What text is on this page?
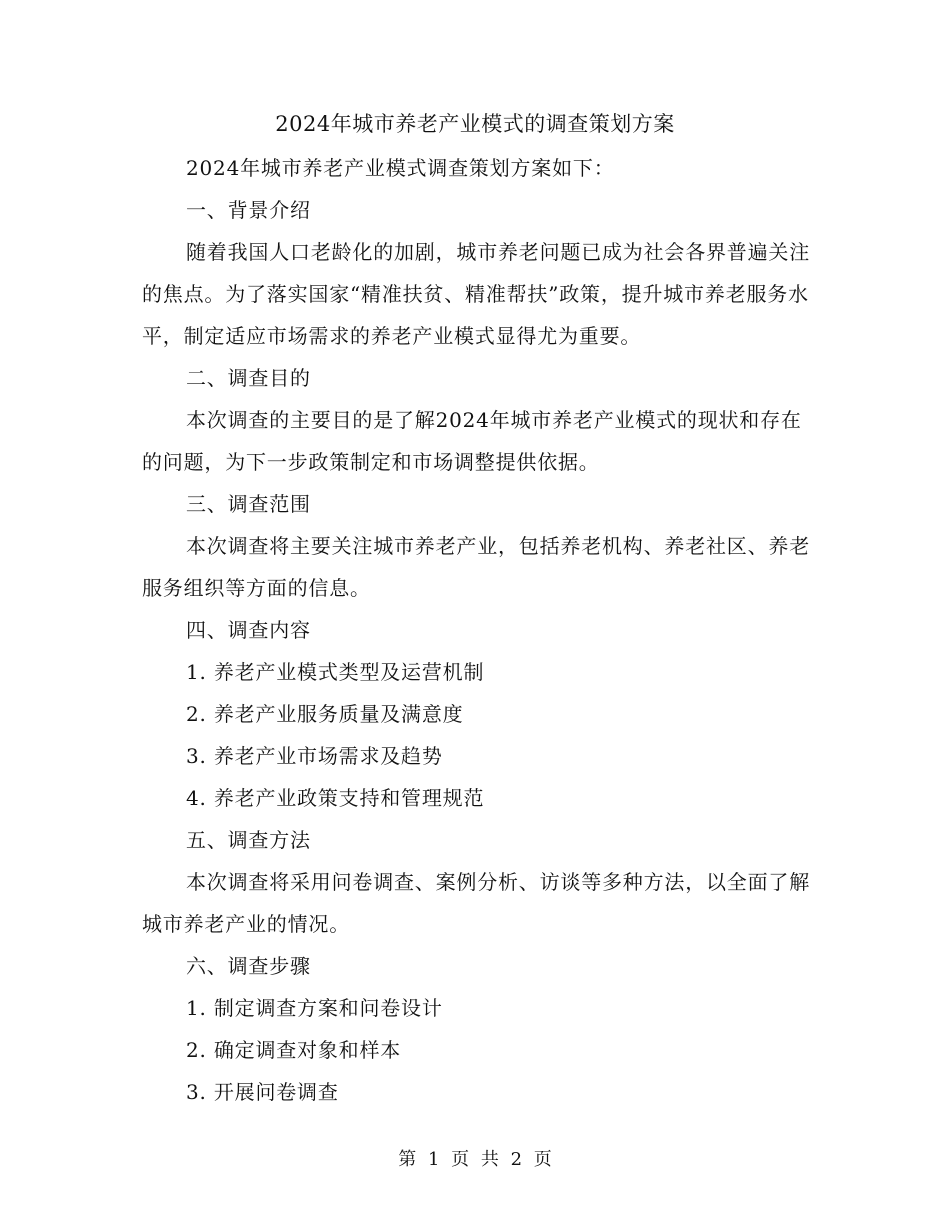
2024年城市养老产业模式的调查策划方案

2024年城市养老产业模式调查策划方案如下：

一、背景介绍

随着我国人口老龄化的加剧，城市养老问题已成为社会各界普遍关注的焦点。为了落实国家“精准扶贫、精准帮扶”政策，提升城市养老服务水平，制定适应市场需求的养老产业模式显得尤为重要。

二、调查目的

本次调查的主要目的是了解2024年城市养老产业模式的现状和存在的问题，为下一步政策制定和市场调整提供依据。

三、调查范围

本次调查将主要关注城市养老产业，包括养老机构、养老社区、养老服务组织等方面的信息。

四、调查内容

1. 养老产业模式类型及运营机制

2. 养老产业服务质量及满意度

3. 养老产业市场需求及趋势

4. 养老产业政策支持和管理规范

五、调查方法

本次调查将采用问卷调查、案例分析、访谈等多种方法，以全面了解城市养老产业的情况。

六、调查步骤

1. 制定调查方案和问卷设计

2. 确定调查对象和样本

3. 开展问卷调查

第 1 页 共 2 页
